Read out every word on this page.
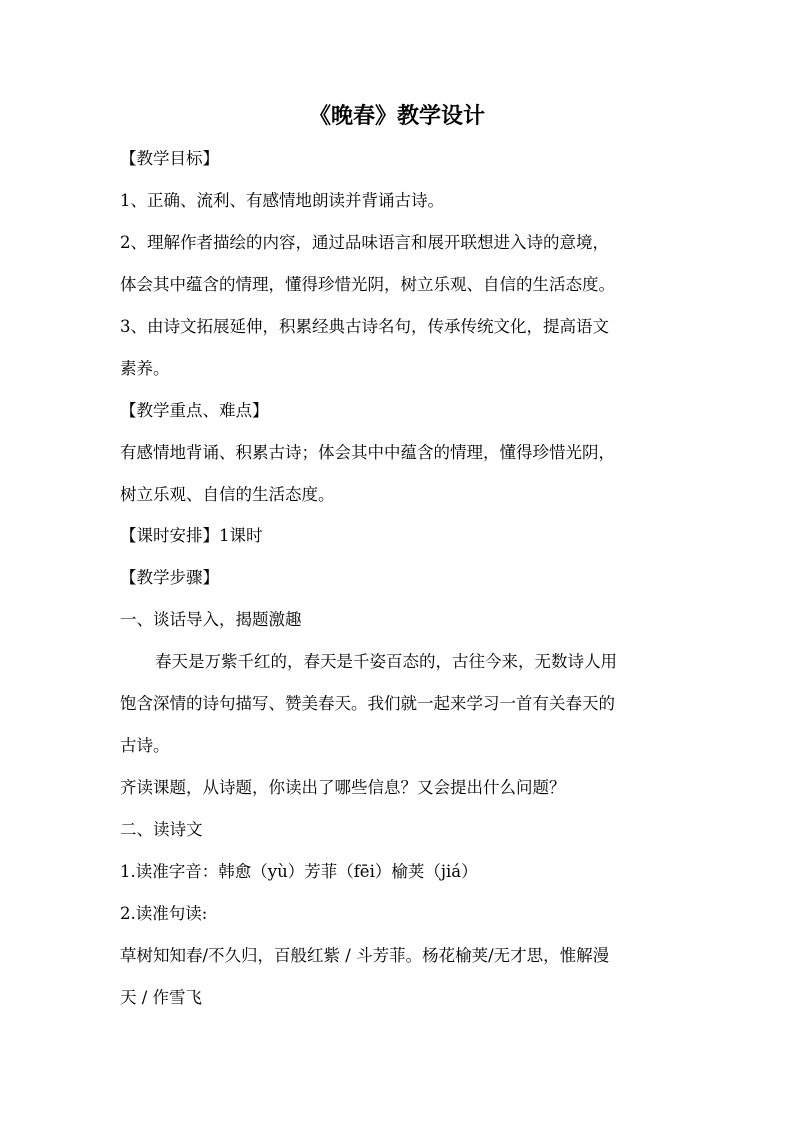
《晚春》教学设计
【教学目标】
1、正确、流利、有感情地朗读并背诵古诗。
2、理解作者描绘的内容，通过品味语言和展开联想进入诗的意境，
体会其中蕴含的情理，懂得珍惜光阴，树立乐观、自信的生活态度。
3、由诗文拓展延伸，积累经典古诗名句，传承传统文化，提高语文
素养。
【教学重点、难点】
有感情地背诵、积累古诗；体会其中中蕴含的情理，懂得珍惜光阴，
树立乐观、自信的生活态度。
【课时安排】1课时
【教学步骤】
一、谈话导入，揭题激趣
春天是万紫千红的，春天是千姿百态的，古往今来，无数诗人用
饱含深情的诗句描写、赞美春天。我们就一起来学习一首有关春天的
古诗。
齐读课题，从诗题，你读出了哪些信息？又会提出什么问题？
二、读诗文
1.读准字音：韩愈（yù）芳菲（fēi）榆荚（jiá）
2.读准句读:
草树知知春/不久归，百般红紫 / 斗芳菲。杨花榆荚/无才思，惟解漫
天 / 作雪飞
